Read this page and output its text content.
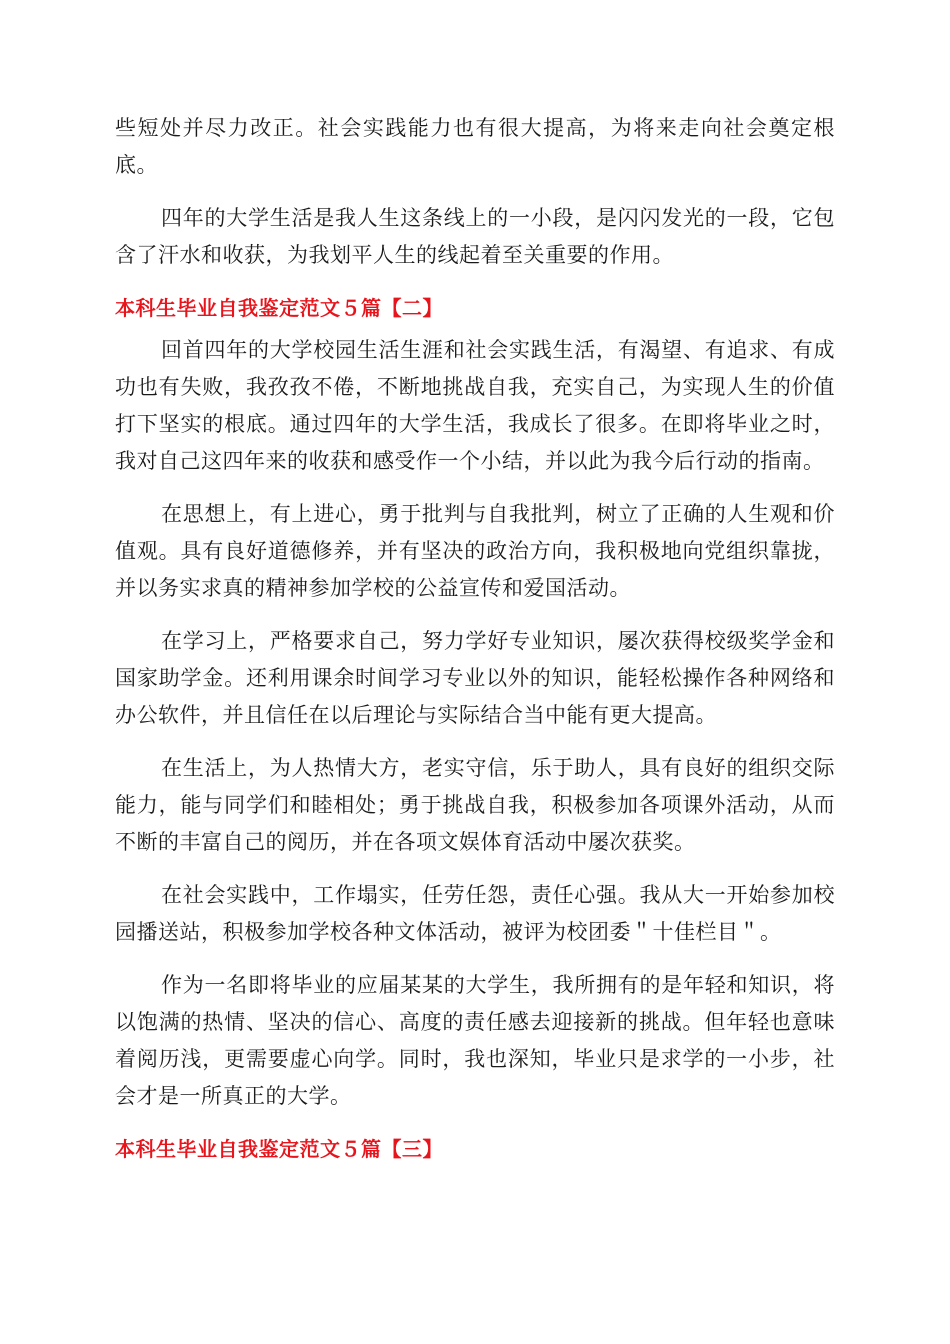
些短处并尽力改正。社会实践能力也有很大提高，为将来走向社会奠定根底。

四年的大学生活是我人生这条线上的一小段，是闪闪发光的一段，它包含了汗水和收获，为我划平人生的线起着至关重要的作用。

本科生毕业自我鉴定范文５篇【二】

回首四年的大学校园生活生涯和社会实践生活，有渴望、有追求、有成功也有失败，我孜孜不倦，不断地挑战自我，充实自己，为实现人生的价值打下坚实的根底。通过四年的大学生活，我成长了很多。在即将毕业之时，我对自己这四年来的收获和感受作一个小结，并以此为我今后行动的指南。

在思想上，有上进心，勇于批判与自我批判，树立了正确的人生观和价值观。具有良好道德修养，并有坚决的政治方向，我积极地向党组织靠拢，并以务实求真的精神参加学校的公益宣传和爱国活动。

在学习上，严格要求自己，努力学好专业知识，屡次获得校级奖学金和国家助学金。还利用课余时间学习专业以外的知识，能轻松操作各种网络和办公软件，并且信任在以后理论与实际结合当中能有更大提高。

在生活上，为人热情大方，老实守信，乐于助人，具有良好的组织交际能力，能与同学们和睦相处；勇于挑战自我，积极参加各项课外活动，从而不断的丰富自己的阅历，并在各项文娱体育活动中屡次获奖。

在社会实践中，工作塌实，任劳任怨，责任心强。我从大一开始参加校园播送站，积极参加学校各种文体活动，被评为校团委＂十佳栏目＂。

作为一名即将毕业的应届某某的大学生，我所拥有的是年轻和知识，将以饱满的热情、坚决的信心、高度的责任感去迎接新的挑战。但年轻也意味着阅历浅，更需要虚心向学。同时，我也深知，毕业只是求学的一小步，社会才是一所真正的大学。

本科生毕业自我鉴定范文５篇【三】
